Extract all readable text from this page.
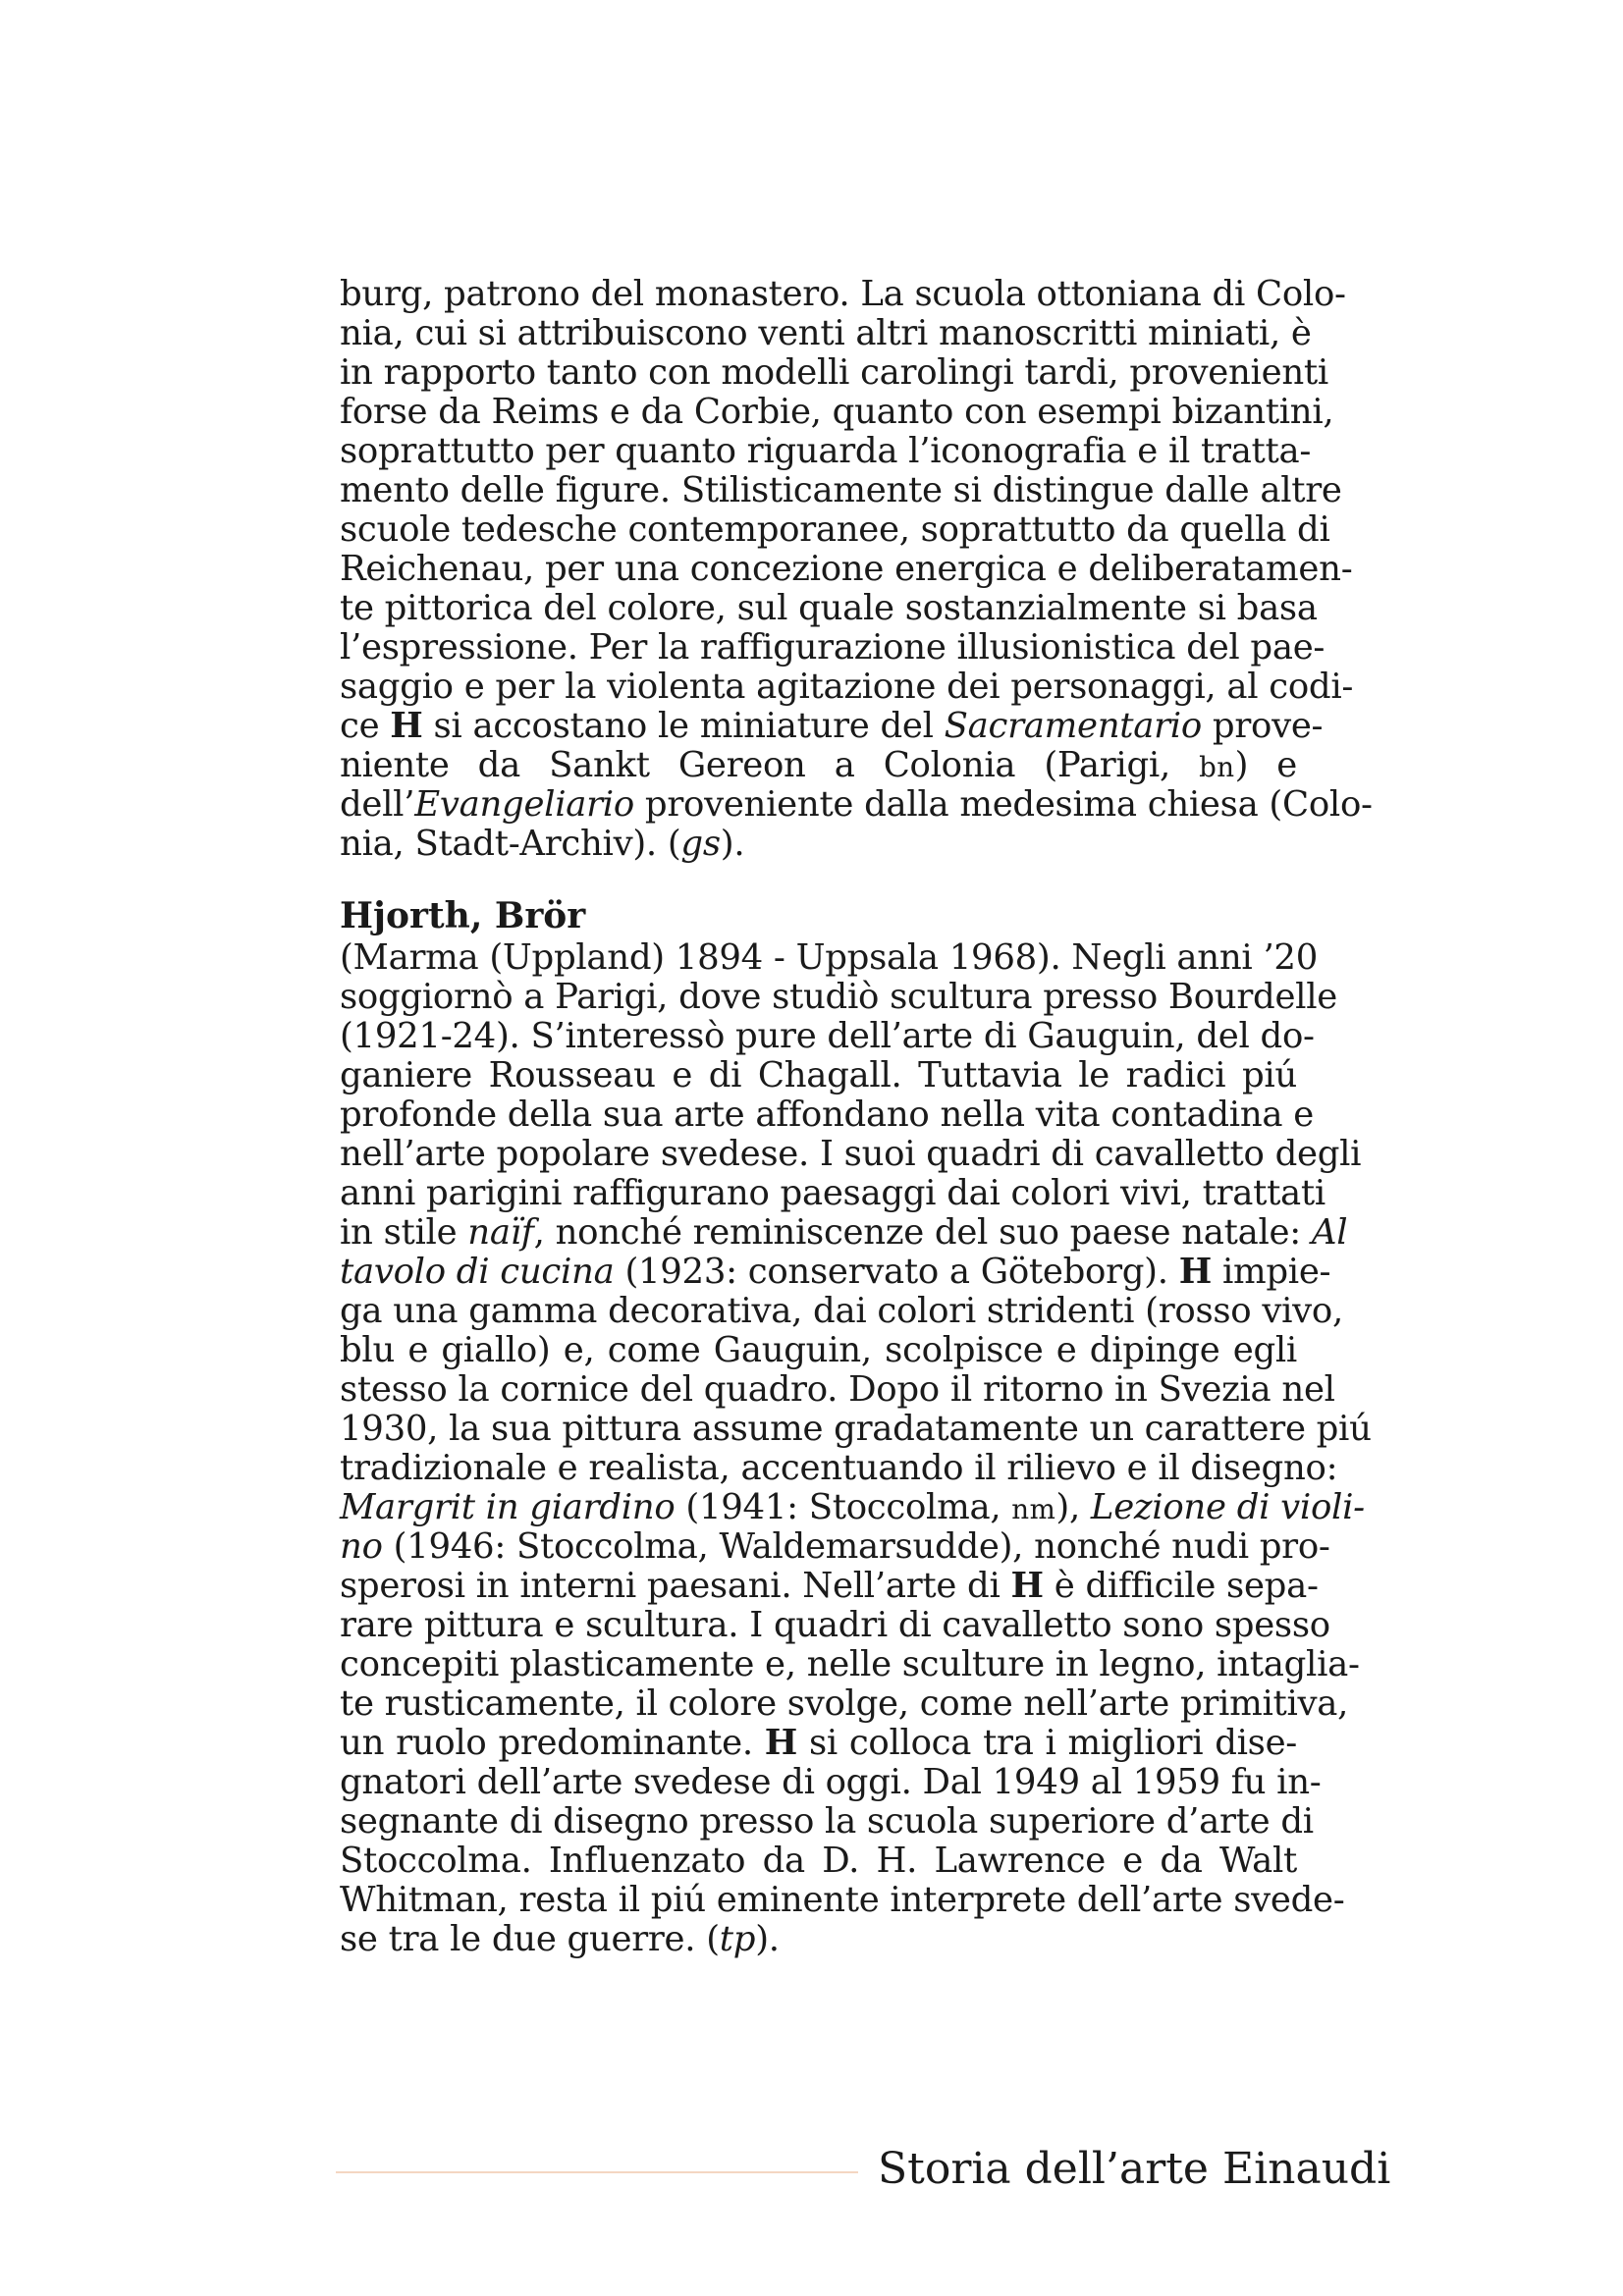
burg, patrono del monastero. La scuola ottoniana di Colo-
nia, cui si attribuiscono venti altri manoscritti miniati, è
in rapporto tanto con modelli carolingi tardi, provenienti
forse da Reims e da Corbie, quanto con esempi bizantini,
soprattutto per quanto riguarda l’iconografia e il tratta-
mento delle figure. Stilisticamente si distingue dalle altre
scuole tedesche contemporanee, soprattutto da quella di
Reichenau, per una concezione energica e deliberatamen-
te pittorica del colore, sul quale sostanzialmente si basa
l’espressione. Per la raffigurazione illusionistica del pae-
saggio e per la violenta agitazione dei personaggi, al codi-
ce H si accostano le miniature del Sacramentario prove-
niente da Sankt Gereon a Colonia (Parigi, bn) e
dell’Evangeliario proveniente dalla medesima chiesa (Colo-
nia, Stadt-Archiv). (gs).
Hjorth, Brör
(Marma (Uppland) 1894 - Uppsala 1968). Negli anni ’20
soggiornò a Parigi, dove studiò scultura presso Bourdelle
(1921-24). S’interessò pure dell’arte di Gauguin, del do-
ganiere Rousseau e di Chagall. Tuttavia le radici piú
profonde della sua arte affondano nella vita contadina e
nell’arte popolare svedese. I suoi quadri di cavalletto degli
anni parigini raffigurano paesaggi dai colori vivi, trattati
in stile naïf, nonché reminiscenze del suo paese natale: Al
tavolo di cucina (1923: conservato a Göteborg). H impie-
ga una gamma decorativa, dai colori stridenti (rosso vivo,
blu e giallo) e, come Gauguin, scolpisce e dipinge egli
stesso la cornice del quadro. Dopo il ritorno in Svezia nel
1930, la sua pittura assume gradatamente un carattere piú
tradizionale e realista, accentuando il rilievo e il disegno:
Margrit in giardino (1941: Stoccolma, nm), Lezione di violi-
no (1946: Stoccolma, Waldemarsudde), nonché nudi pro-
sperosi in interni paesani. Nell’arte di H è difficile sepa-
rare pittura e scultura. I quadri di cavalletto sono spesso
concepiti plasticamente e, nelle sculture in legno, intaglia-
te rusticamente, il colore svolge, come nell’arte primitiva,
un ruolo predominante. H si colloca tra i migliori dise-
gnatori dell’arte svedese di oggi. Dal 1949 al 1959 fu in-
segnante di disegno presso la scuola superiore d’arte di
Stoccolma. Influenzato da D. H. Lawrence e da Walt
Whitman, resta il piú eminente interprete dell’arte svede-
se tra le due guerre. (tp).
Storia dell’arte Einaudi
